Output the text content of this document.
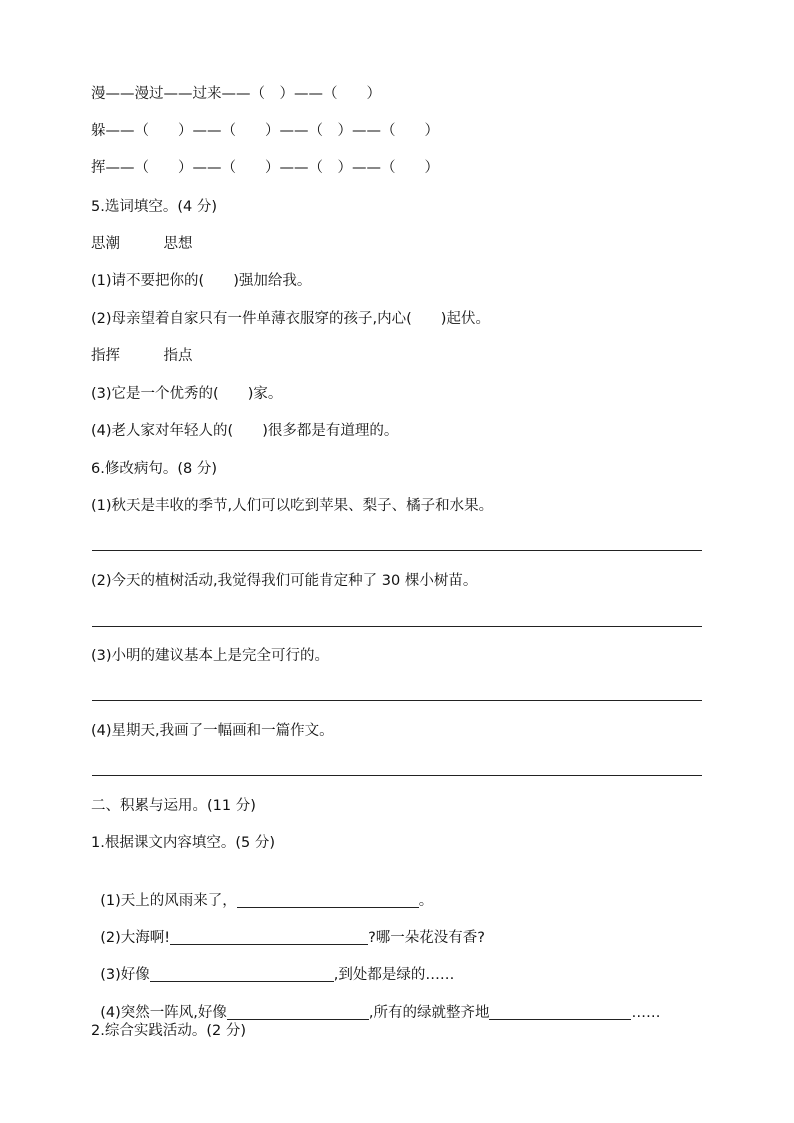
漫——漫过——过来——（　）——（　　）
躲——（　　）——（　　）——（　）——（　　）
挥——（　　）——（　　）——（　）——（　　）
5.选词填空。(4 分)
思潮　　　思想
(1)请不要把你的(　　)强加给我。
(2)母亲望着自家只有一件单薄衣服穿的孩子,内心(　　)起伏。
指挥　　　指点
(3)它是一个优秀的(　　)家。
(4)老人家对年轻人的(　　)很多都是有道理的。
6.修改病句。(8 分)
(1)秋天是丰收的季节,人们可以吃到苹果、梨子、橘子和水果。
(2)今天的植树活动,我觉得我们可能肯定种了 30 棵小树苗。
(3)小明的建议基本上是完全可行的。
(4)星期天,我画了一幅画和一篇作文。
二、积累与运用。(11 分)
1.根据课文内容填空。(5 分)

(1)天上的风雨来了，	。

(2)大海啊!	?哪一朵花没有香?

(3)好像	,到处都是绿的……

(4)突然一阵风,好像	,所有的绿就整齐地	……

2.综合实践活动。(2 分)
